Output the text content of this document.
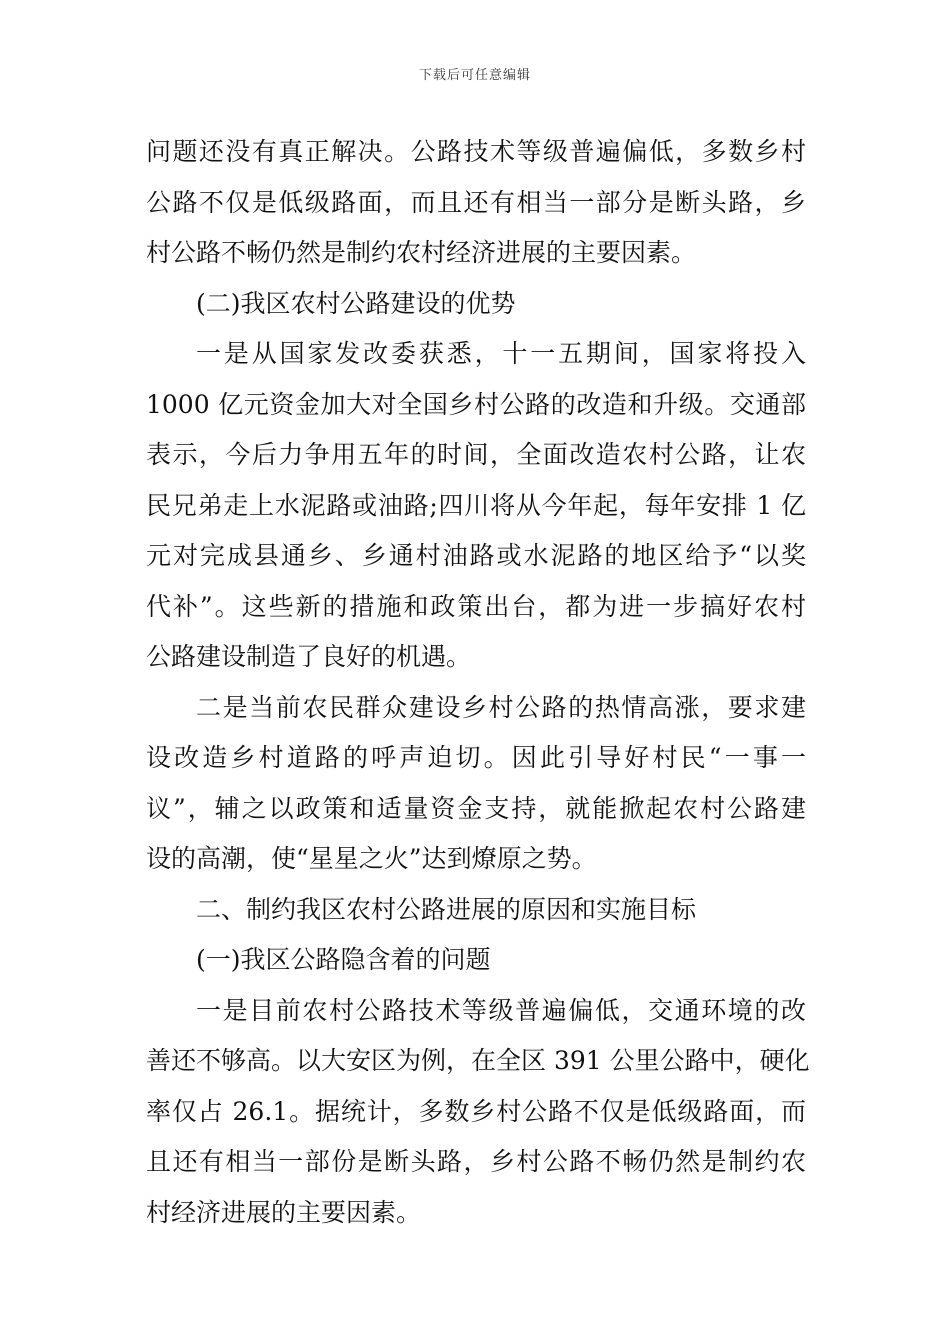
下载后可任意编辑

问题还没有真正解决。公路技术等级普遍偏低，多数乡村
公路不仅是低级路面，而且还有相当一部分是断头路，乡
村公路不畅仍然是制约农村经济进展的主要因素。

(二)我区农村公路建设的优势

一是从国家发改委获悉，十一五期间，国家将投入
1000 亿元资金加大对全国乡村公路的改造和升级。交通部
表示，今后力争用五年的时间，全面改造农村公路，让农
民兄弟走上水泥路或油路;四川将从今年起，每年安排 1 亿
元对完成县通乡、乡通村油路或水泥路的地区给予“以奖
代补”。这些新的措施和政策出台，都为进一步搞好农村
公路建设制造了良好的机遇。

二是当前农民群众建设乡村公路的热情高涨，要求建
设改造乡村道路的呼声迫切。因此引导好村民“一事一
议”，辅之以政策和适量资金支持，就能掀起农村公路建
设的高潮，使“星星之火”达到燎原之势。

二、制约我区农村公路进展的原因和实施目标

(一)我区公路隐含着的问题

一是目前农村公路技术等级普遍偏低，交通环境的改
善还不够高。以大安区为例，在全区 391 公里公路中，硬化
率仅占 26.1。据统计，多数乡村公路不仅是低级路面，而
且还有相当一部份是断头路，乡村公路不畅仍然是制约农
村经济进展的主要因素。
